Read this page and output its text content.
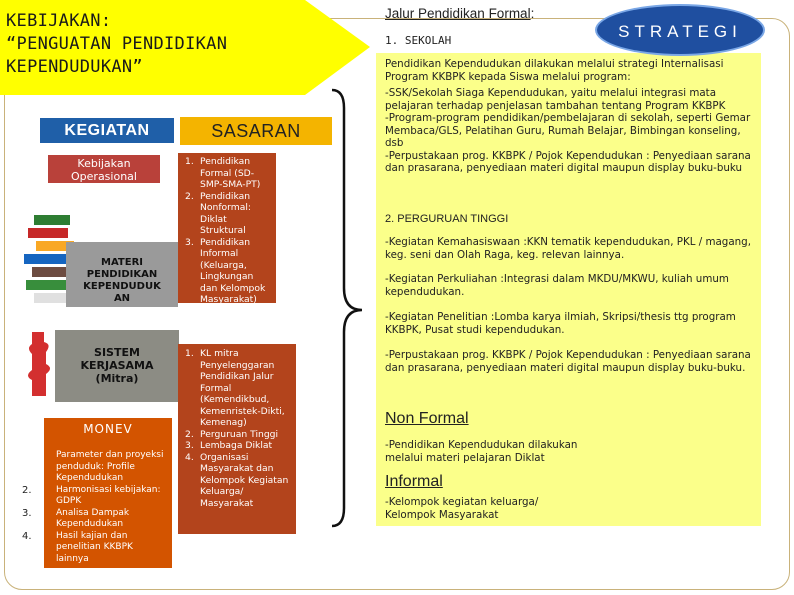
KEBIJAKAN:
“PENGUATAN PENDIDIKAN
KEPENDUDUKAN”
KEGIATAN	SASARAN
Kebijakan
Operasional
MATERI
PENDIDIKAN
KEPENDUDUK
AN
SISTEM
KERJASAMA
(Mitra)
MONEV
Parameter dan proyeksi penduduk: Profile Kependudukan
2.	Harmonisasi kebijakan: GDPK
3.	Analisa Dampak Kependudukan
4.	Hasil kajian dan penelitian KKBPK lainnya
1. Pendidikan Formal (SD-SMP-SMA-PT)
2. Pendidikan Nonformal: Diklat Struktural
3. Pendidikan Informal (Keluarga, Lingkungan dan Kelompok Masyarakat)
1. KL mitra Penyelenggaran Pendidikan Jalur Formal (Kemendikbud, Kemenristek-Dikti, Kemenag)
2. Perguruan Tinggi
3. Lembaga Diklat
4. Organisasi Masyarakat dan Kelompok Kegiatan Keluarga/ Masyarakat
Jalur Pendidikan Formal:
1. SEKOLAH	STRATEGI
Pendidikan Kependudukan dilakukan melalui strategi Internalisasi Program KKBPK kepada Siswa melalui program:
-SSK/Sekolah Siaga Kependudukan, yaitu melalui integrasi mata pelajaran terhadap penjelasan tambahan tentang Program KKBPK
-Program-program pendidikan/pembelajaran di sekolah, seperti Gemar Membaca/GLS, Pelatihan Guru, Rumah Belajar, Bimbingan konseling, dsb
-Perpustakaan prog. KKBPK / Pojok Kependudukan : Penyediaan sarana dan prasarana, penyediaan materi digital maupun display buku-buku
2. PERGURUAN TINGGI
-Kegiatan Kemahasiswaan :KKN tematik kependudukan, PKL / magang, keg. seni dan Olah Raga, keg. relevan lainnya.
-Kegiatan Perkuliahan :Integrasi dalam MKDU/MKWU, kuliah umum kependudukan.
-Kegiatan Penelitian :Lomba karya ilmiah, Skripsi/thesis ttg program KKBPK, Pusat studi kependudukan.
-Perpustakaan prog. KKBPK / Pojok Kependudukan : Penyediaan sarana dan prasarana, penyediaan materi digital maupun display buku-buku.
Non Formal
-Pendidikan Kependudukan dilakukan melalui materi pelajaran Diklat
Informal
-Kelompok kegiatan keluarga/ Kelompok Masyarakat
